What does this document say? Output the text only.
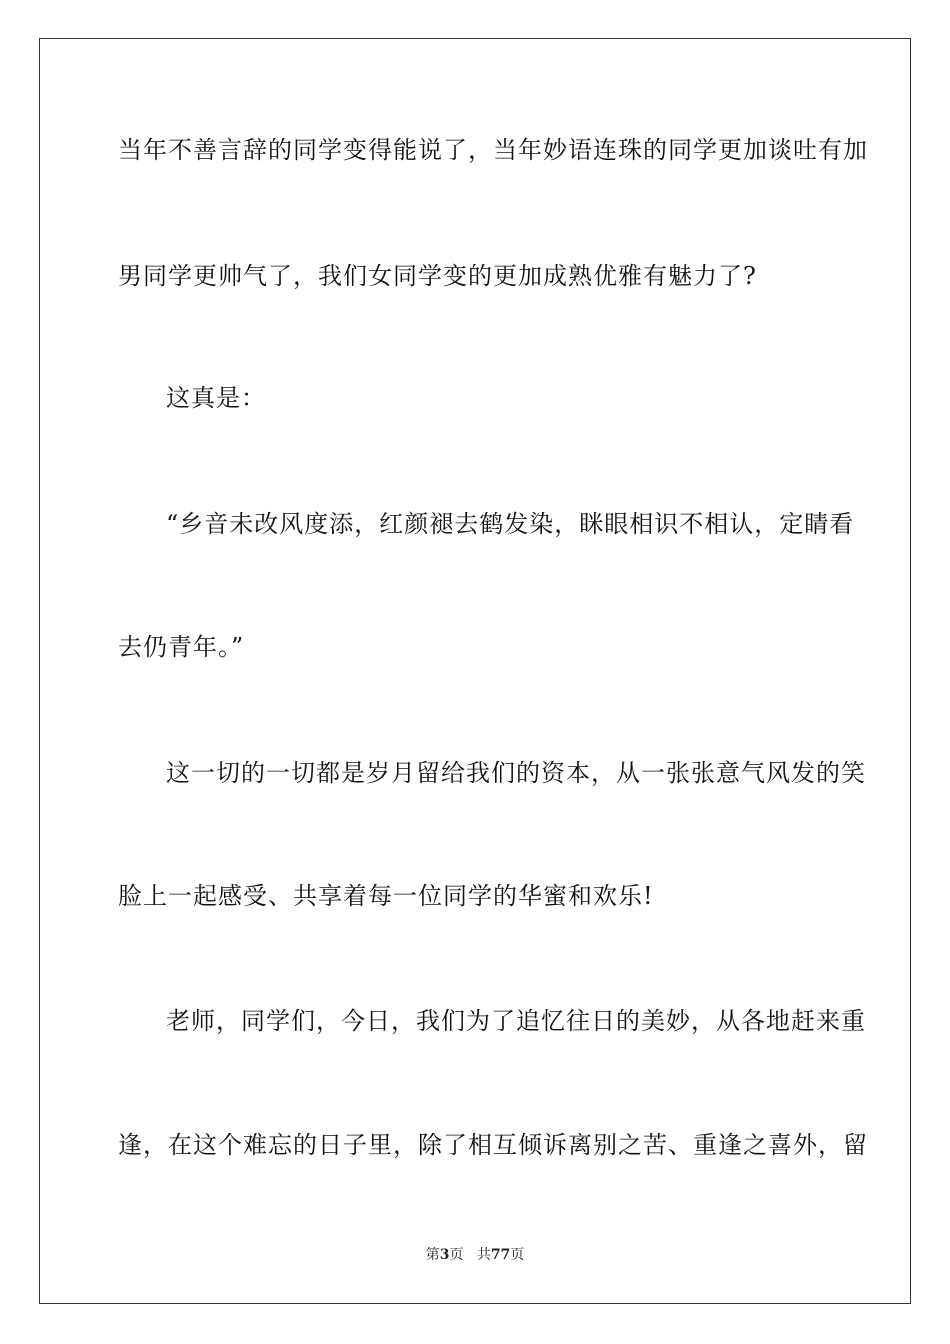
当年不善言辞的同学变得能说了，当年妙语连珠的同学更加谈吐有加
男同学更帅气了，我们女同学变的更加成熟优雅有魅力了?
这真是：
“乡音未改风度添，红颜褪去鹤发染，眯眼相识不相认，定睛看
去仍青年。”
这一切的一切都是岁月留给我们的资本，从一张张意气风发的笑
脸上一起感受、共享着每一位同学的华蜜和欢乐!
老师，同学们，今日，我们为了追忆往日的美妙，从各地赶来重
逢，在这个难忘的日子里，除了相互倾诉离别之苦、重逢之喜外，留
第3页 共77页
